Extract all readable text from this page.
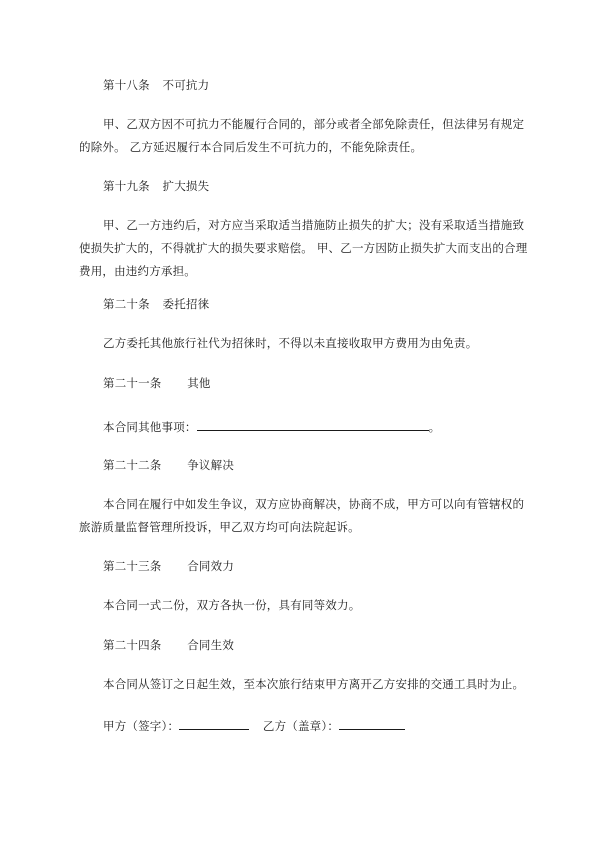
第十八条 不可抗力
甲、乙双方因不可抗力不能履行合同的，部分或者全部免除责任，但法律另有规定的除外。 乙方延迟履行本合同后发生不可抗力的，不能免除责任。
第十九条 扩大损失
甲、乙一方违约后，对方应当采取适当措施防止损失的扩大；没有采取适当措施致使损失扩大的，不得就扩大的损失要求赔偿。 甲、乙一方因防止损失扩大而支出的合理费用，由违约方承担。
第二十条 委托招徕
乙方委托其他旅行社代为招徕时，不得以未直接收取甲方费用为由免责。
第二十一条 其他
本合同其他事项：	。
第二十二条 争议解决
本合同在履行中如发生争议，双方应协商解决，协商不成，甲方可以向有管辖权的旅游质量监督管理所投诉，甲乙双方均可向法院起诉。
第二十三条 合同效力
本合同一式二份，双方各执一份，具有同等效力。
第二十四条 合同生效
本合同从签订之日起生效，至本次旅行结束甲方离开乙方安排的交通工具时为止。
甲方（签字）：	乙方（盖章）：
